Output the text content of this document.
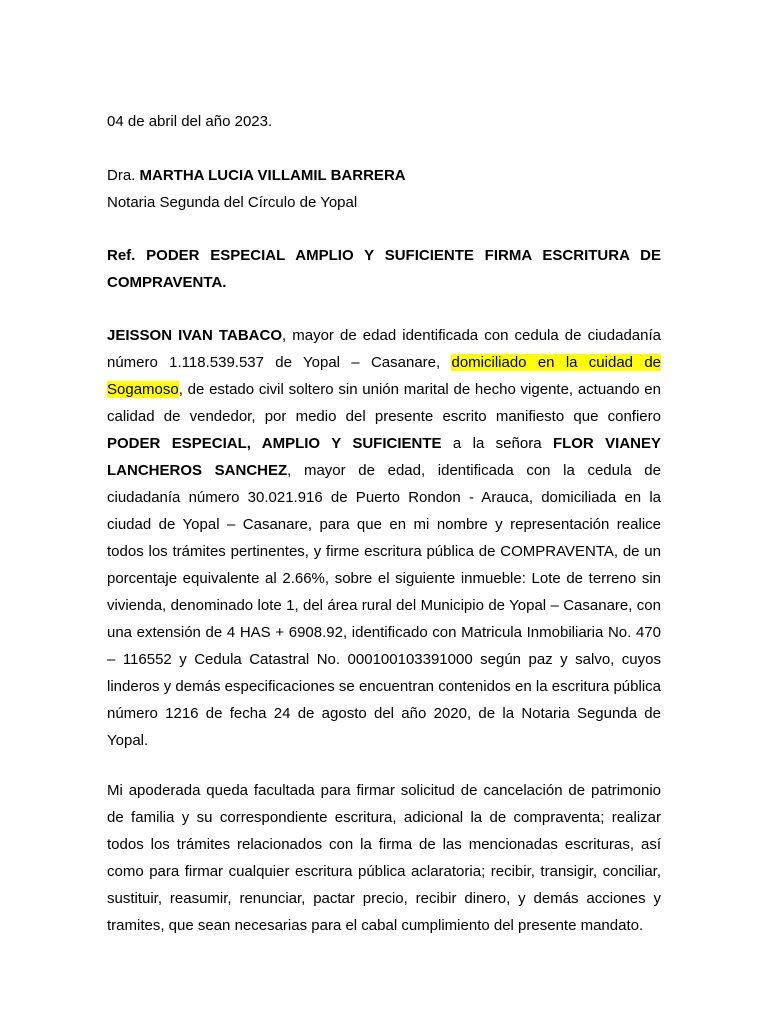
04 de abril del año 2023.
Dra. MARTHA LUCIA VILLAMIL BARRERA
Notaria Segunda del Círculo de Yopal
Ref. PODER ESPECIAL AMPLIO Y SUFICIENTE FIRMA ESCRITURA DE COMPRAVENTA.
JEISSON IVAN TABACO, mayor de edad identificada con cedula de ciudadanía número 1.118.539.537 de Yopal – Casanare, domiciliado en la cuidad de Sogamoso, de estado civil soltero sin unión marital de hecho vigente, actuando en calidad de vendedor, por medio del presente escrito manifiesto que confiero PODER ESPECIAL, AMPLIO Y SUFICIENTE a la señora FLOR VIANEY LANCHEROS SANCHEZ, mayor de edad, identificada con la cedula de ciudadanía número 30.021.916 de Puerto Rondon - Arauca, domiciliada en la ciudad de Yopal – Casanare, para que en mi nombre y representación realice todos los trámites pertinentes, y firme escritura pública de COMPRAVENTA, de un porcentaje equivalente al 2.66%, sobre el siguiente inmueble: Lote de terreno sin vivienda, denominado lote 1, del área rural del Municipio de Yopal – Casanare, con una extensión de 4 HAS + 6908.92, identificado con Matricula Inmobiliaria No. 470 – 116552 y Cedula Catastral No. 000100103391000 según paz y salvo, cuyos linderos y demás especificaciones se encuentran contenidos en la escritura pública número 1216 de fecha 24 de agosto del año 2020, de la Notaria Segunda de Yopal.
Mi apoderada queda facultada para firmar solicitud de cancelación de patrimonio de familia y su correspondiente escritura, adicional la de compraventa; realizar todos los trámites relacionados con la firma de las mencionadas escrituras, así como para firmar cualquier escritura pública aclaratoria; recibir, transigir, conciliar, sustituir, reasumir, renunciar, pactar precio, recibir dinero, y demás acciones y tramites, que sean necesarias para el cabal cumplimiento del presente mandato.
